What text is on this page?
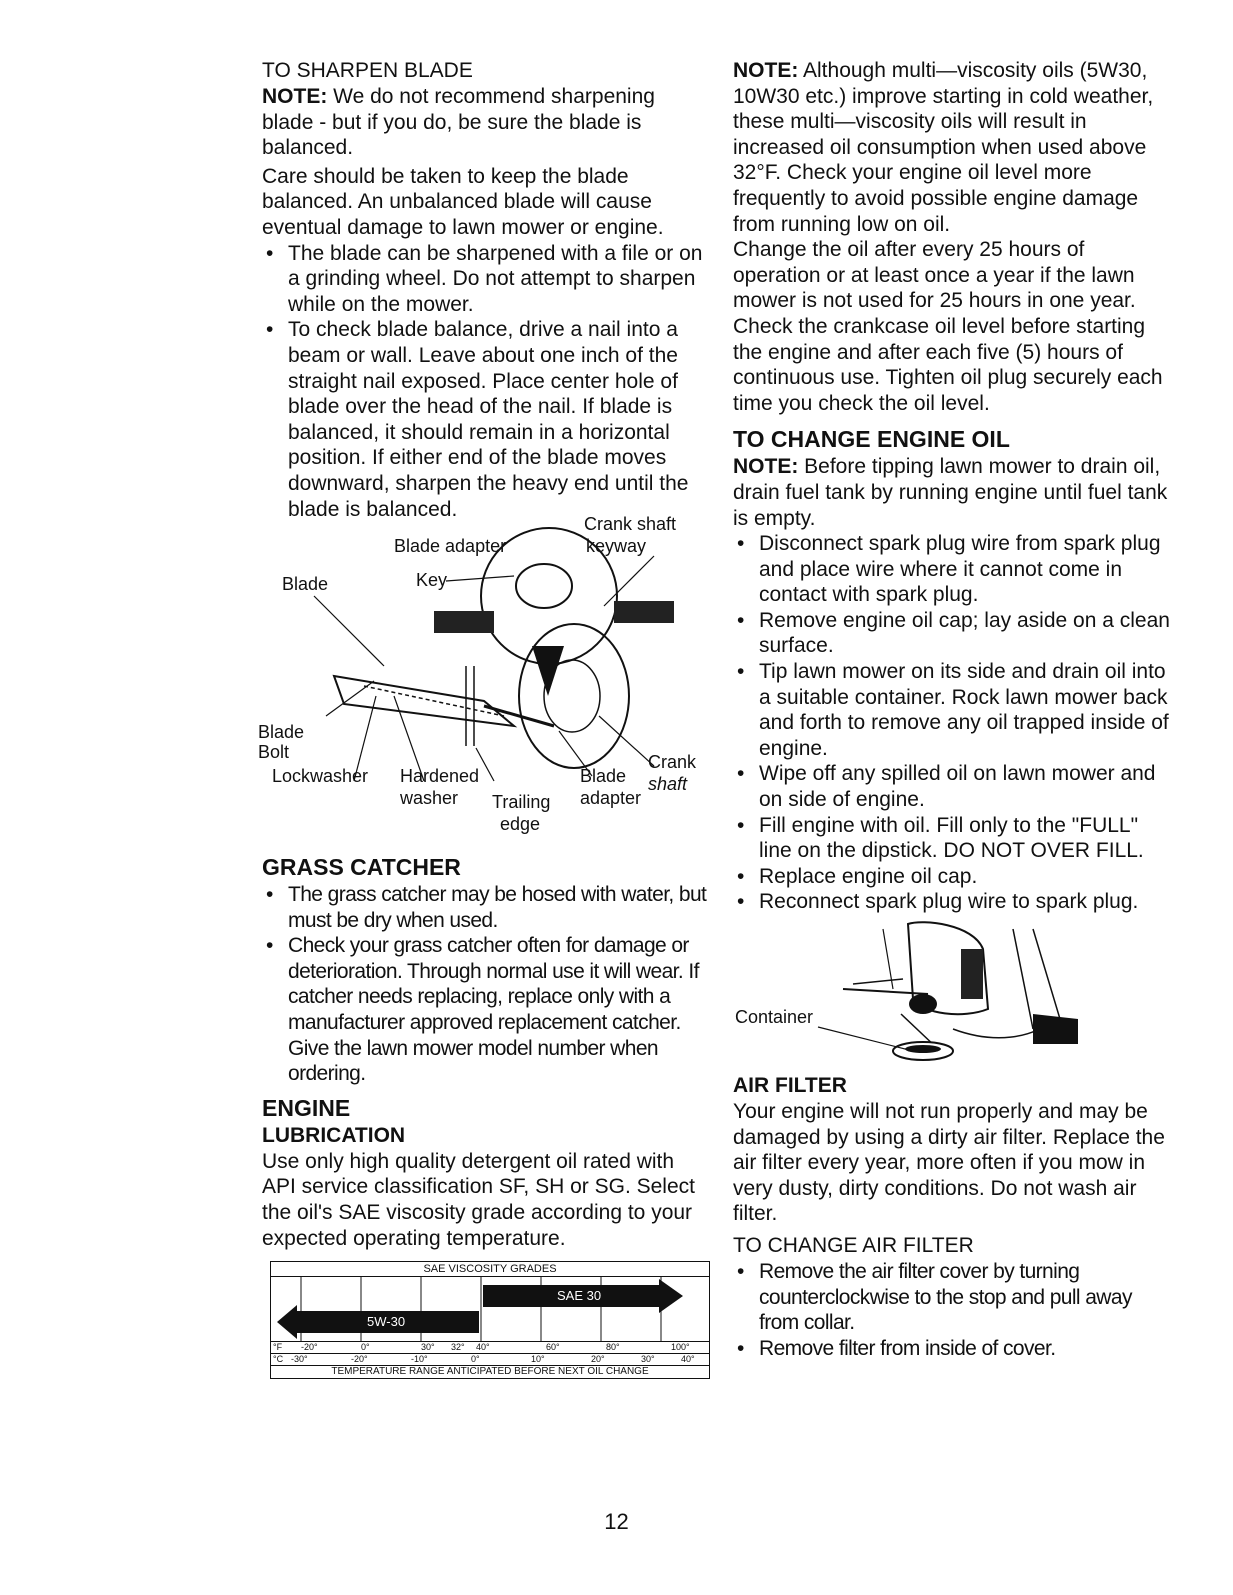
TO SHARPEN BLADE

NOTE: We do not recommend sharpening blade - but if you do, be sure the blade is balanced.

Care should be taken to keep the blade balanced. An unbalanced blade will cause eventual damage to lawn mower or engine.

• The blade can be sharpened with a file or on a grinding wheel. Do not attempt to sharpen while on the mower.
• To check blade balance, drive a nail into a beam or wall. Leave about one inch of the straight nail exposed. Place center hole of blade over the head of the nail. If blade is balanced, it should remain in a horizontal position. If either end of the blade moves downward, sharpen the heavy end until the blade is balanced.
Crank shaft
keyway
Blade adapter
Blade	Key
Blade
Bolt	Crank
shaft
Lockwasher Hardened
washer
Blade
adapter
Trailing
edge

GRASS CATCHER

• The grass catcher may be hosed with water, but must be dry when used.
• Check your grass catcher often for damage or deterioration. Through normal use it will wear. If catcher needs replacing, replace only with a manufacturer approved replacement catcher. Give the lawn mower model number when ordering.

ENGINE

LUBRICATION

Use only high quality detergent oil rated with API service classification SF, SH or SG. Select the oil's SAE viscosity grade according to your expected operating temperature.

SAE VISCOSITY GRADES
SAE 30
5W-30
°F -20°	0°	30° 32° 40°	60°	80°	100°
°C -30°	-20°	-10°	0°	10°	20°	30°	40°
TEMPERATURE RANGE ANTICIPATED BEFORE NEXT OIL CHANGE

NOTE: Although multi—viscosity oils (5W30, 10W30 etc.) improve starting in cold weather, these multi—viscosity oils will result in increased oil consumption when used above 32°F. Check your engine oil level more frequently to avoid possible engine damage from running low on oil.

Change the oil after every 25 hours of operation or at least once a year if the lawn mower is not used for 25 hours in one year.

Check the crankcase oil level before starting the engine and after each five (5) hours of continuous use. Tighten oil plug securely each time you check the oil level.

TO CHANGE ENGINE OIL

NOTE: Before tipping lawn mower to drain oil, drain fuel tank by running engine until fuel tank is empty.

• Disconnect spark plug wire from spark plug and place wire where it cannot come in contact with spark plug.
• Remove engine oil cap; lay aside on a clean surface.
• Tip lawn mower on its side and drain oil into a suitable container. Rock lawn mower back and forth to remove any oil trapped inside of engine.
• Wipe off any spilled oil on lawn mower and on side of engine.
• Fill engine with oil. Fill only to the "FULL" line on the dipstick. DO NOT OVER FILL.
• Replace engine oil cap.
• Reconnect spark plug wire to spark plug.
Container

AIR FILTER

Your engine will not run properly and may be damaged by using a dirty air filter. Replace the air filter every year, more often if you mow in very dusty, dirty conditions. Do not wash air filter.

TO CHANGE AIR FILTER

• Remove the air filter cover by turning counterclockwise to the stop and pull away from collar.
• Remove filter from inside of cover.
12
